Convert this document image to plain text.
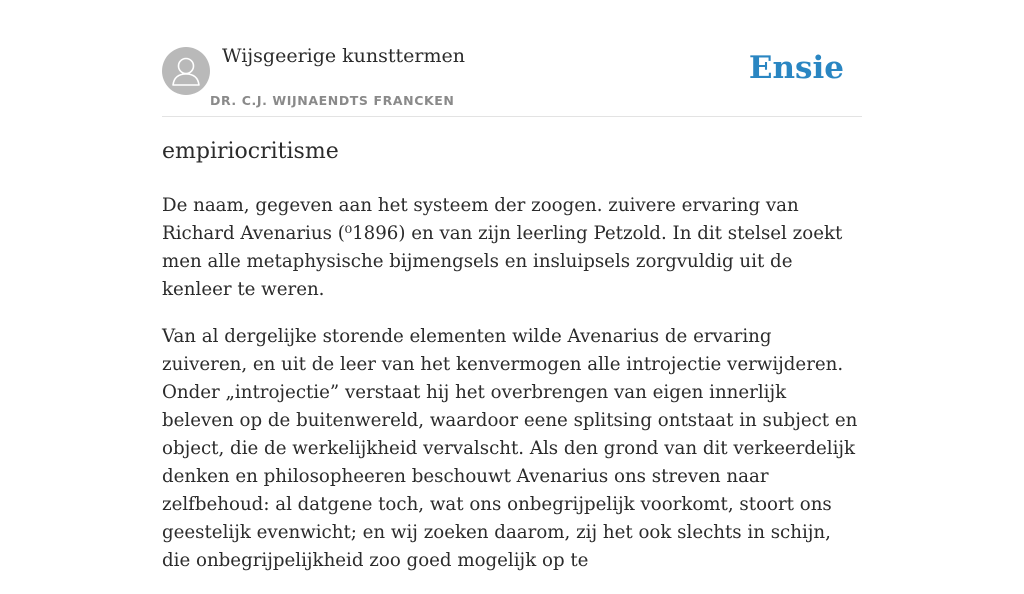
Wijsgeerige kunsttermen
DR. C.J. WIJNAENDTS FRANCKEN
Ensie
empiriocritisme

De naam, gegeven aan het systeem der zoogen. zuivere ervaring van Richard Avenarius (⁰1896) en van zijn leerling Petzold. In dit stelsel zoekt men alle metaphysische bijmengsels en insluipsels zorgvuldig uit de kenleer te weren.

Van al dergelijke storende elementen wilde Avenarius de ervaring zuiveren, en uit de leer van het kenvermogen alle introjectie verwijderen. Onder „introjectie” verstaat hij het overbrengen van eigen innerlijk beleven op de buitenwereld, waardoor eene splitsing ontstaat in subject en object, die de werkelijkheid vervalscht. Als den grond van dit verkeerdelijk denken en philosopheeren beschouwt Avenarius ons streven naar zelfbehoud: al datgene toch, wat ons onbegrijpelijk voorkomt, stoort ons geestelijk evenwicht; en wij zoeken daarom, zij het ook slechts in schijn, die onbegrijpelijkheid zoo goed mogelijk op te
